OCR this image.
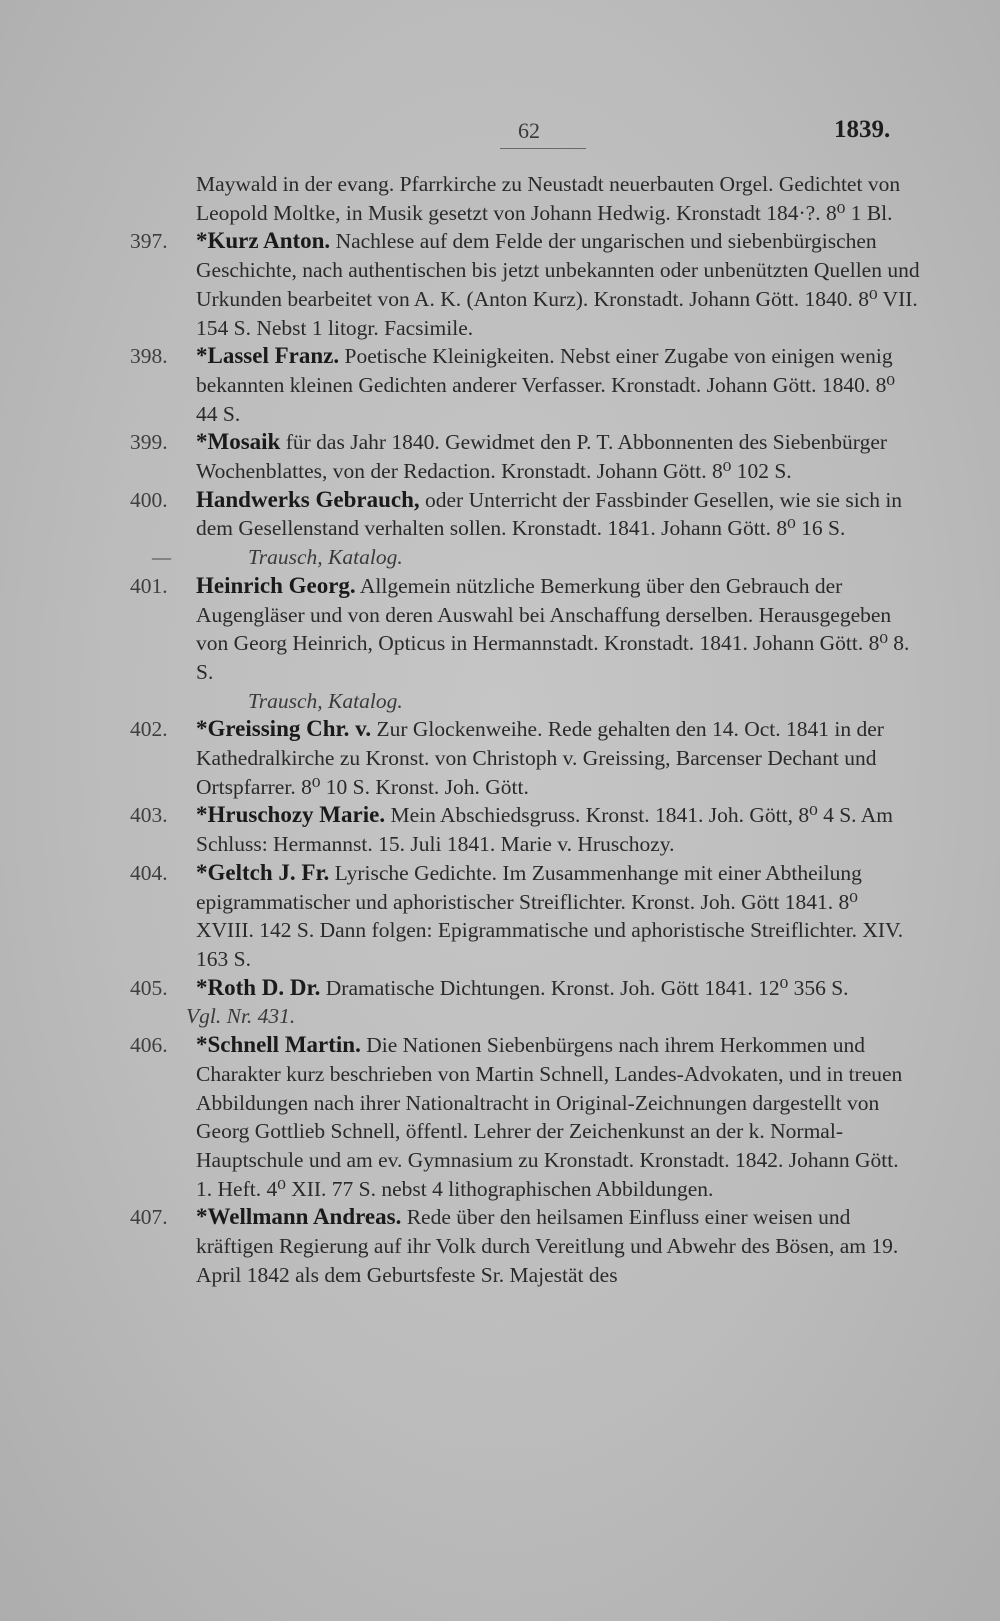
62	1839.
Maywald in der evang. Pfarrkirche zu Neustadt neuerbauten Orgel. Gedichtet von Leopold Moltke, in Musik gesetzt von Johann Hedwig. Kronstadt 184·?. 8⁰ 1 Bl.
397.	*Kurz Anton. Nachlese auf dem Felde der ungarischen und siebenbürgischen Geschichte, nach authentischen bis jetzt unbekannten oder unbenützten Quellen und Urkunden bearbeitet von A. K. (Anton Kurz). Kronstadt. Johann Gött. 1840. 8⁰ VII. 154 S. Nebst 1 litogr. Facsimile.
398.	*Lassel Franz. Poetische Kleinigkeiten. Nebst einer Zugabe von einigen wenig bekannten kleinen Gedichten anderer Verfasser. Kronstadt. Johann Gött. 1840. 8⁰ 44 S.
399.	*Mosaik für das Jahr 1840. Gewidmet den P. T. Abbonnenten des Siebenbürger Wochenblattes, von der Redaction. Kronstadt. Johann Gött. 8⁰ 102 S.
400.	Handwerks Gebrauch, oder Unterricht der Fassbinder Gesellen, wie sie sich in dem Gesellenstand verhalten sollen. Kronstadt. 1841. Johann Gött. 8⁰ 16 S.
—	Trausch, Katalog.
401.	Heinrich Georg. Allgemein nützliche Bemerkung über den Gebrauch der Augengläser und von deren Auswahl bei Anschaffung derselben. Herausgegeben von Georg Heinrich, Opticus in Hermannstadt. Kronstadt. 1841. Johann Gött. 8⁰ 8. S.
Trausch, Katalog.
402.	*Greissing Chr. v. Zur Glockenweihe. Rede gehalten den 14. Oct. 1841 in der Kathedralkirche zu Kronst. von Christoph v. Greissing, Barcenser Dechant und Ortspfarrer. 8⁰ 10 S. Kronst. Joh. Gött.
403.	*Hruschozy Marie. Mein Abschiedsgruss. Kronst. 1841. Joh. Gött, 8⁰ 4 S. Am Schluss: Hermannst. 15. Juli 1841. Marie v. Hruschozy.
404.	*Geltch J. Fr. Lyrische Gedichte. Im Zusammenhange mit einer Abtheilung epigrammatischer und aphoristischer Streiflichter. Kronst. Joh. Gött 1841. 8⁰ XVIII. 142 S. Dann folgen: Epigrammatische und aphoristische Streiflichter. XIV. 163 S.
405.	*Roth D. Dr. Dramatische Dichtungen. Kronst. Joh. Gött 1841. 12⁰ 356 S.
Vgl. Nr. 431.
406.	*Schnell Martin. Die Nationen Siebenbürgens nach ihrem Herkommen und Charakter kurz beschrieben von Martin Schnell, Landes-Advokaten, und in treuen Abbildungen nach ihrer Nationaltracht in Original-Zeichnungen dargestellt von Georg Gottlieb Schnell, öffentl. Lehrer der Zeichenkunst an der k. Normal-Hauptschule und am ev. Gymnasium zu Kronstadt. Kronstadt. 1842. Johann Gött. 1. Heft. 4⁰ XII. 77 S. nebst 4 lithographischen Abbildungen.
407.	*Wellmann Andreas. Rede über den heilsamen Einfluss einer weisen und kräftigen Regierung auf ihr Volk durch Vereitlung und Abwehr des Bösen, am 19. April 1842 als dem Geburtsfeste Sr. Majestät des
